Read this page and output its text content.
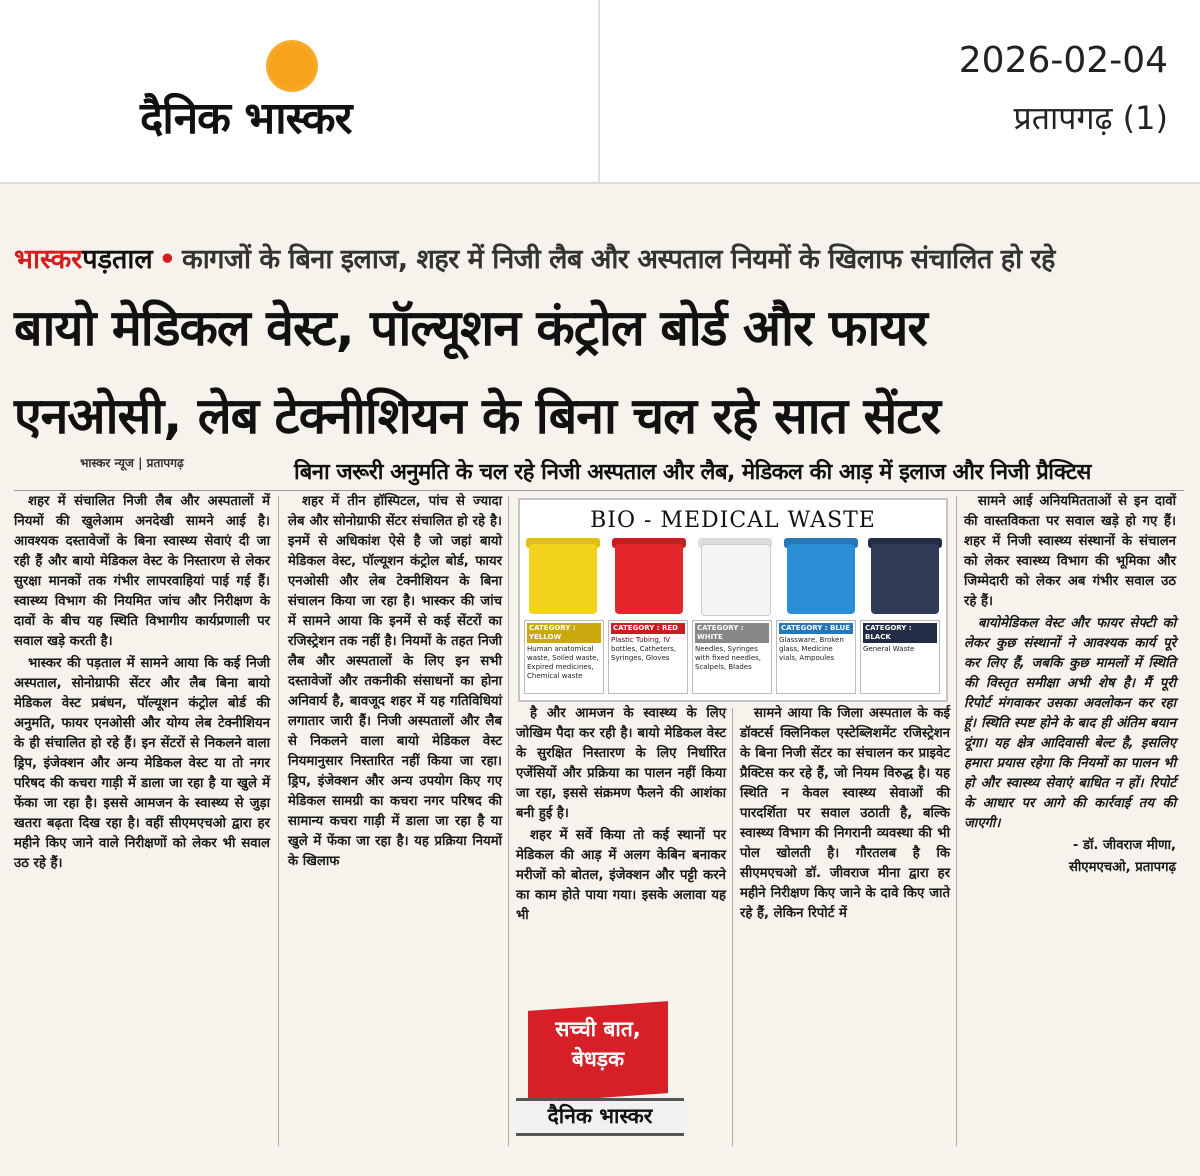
दैनिक भास्कर
2026-02-04
प्रतापगढ़ (1)
भास्करपड़ताल • कागजों के बिना इलाज, शहर में निजी लैब और अस्पताल नियमों के खिलाफ संचालित हो रहे
बायो मेडिकल वेस्ट, पॉल्यूशन कंट्रोल बोर्ड और फायर
एनओसी, लेब टेक्नीशियन के बिना चल रहे सात सेंटर
भास्कर न्यूज | प्रतापगढ़	बिना जरूरी अनुमति के चल रहे निजी अस्पताल और लैब, मेडिकल की आड़ में इलाज और निजी प्रैक्टिस

शहर में संचालित निजी लैब और अस्पतालों में नियमों की खुलेआम अनदेखी सामने आई है। आवश्यक दस्तावेजों के बिना स्वास्थ्य सेवाएं दी जा रही हैं और बायो मेडिकल वेस्ट के निस्तारण से लेकर सुरक्षा मानकों तक गंभीर लापरवाहियां पाई गई हैं। स्वास्थ्य विभाग की नियमित जांच और निरीक्षण के दावों के बीच यह स्थिति विभागीय कार्यप्रणाली पर सवाल खड़े करती है।

भास्कर की पड़ताल में सामने आया कि कई निजी अस्पताल, सोनोग्राफी सेंटर और लैब बिना बायो मेडिकल वेस्ट प्रबंधन, पॉल्यूशन कंट्रोल बोर्ड की अनुमति, फायर एनओसी और योग्य लेब टेक्नीशियन के ही संचालित हो रहे हैं। इन सेंटरों से निकलने वाला ड्रिप, इंजेक्शन और अन्य मेडिकल वेस्ट या तो नगर परिषद की कचरा गाड़ी में डाला जा रहा है या खुले में फेंका जा रहा है। इससे आमजन के स्वास्थ्य से जुड़ा खतरा बढ़ता दिख रहा है। वहीं सीएमएचओ द्वारा हर महीने किए जाने वाले निरीक्षणों को लेकर भी सवाल उठ रहे हैं।

शहर में तीन हॉस्पिटल, पांच से ज्यादा लेब और सोनोग्राफी सेंटर संचालित हो रहे है। इनमें से अधिकांश ऐसे है जो जहां बायो मेडिकल वेस्ट, पॉल्यूशन कंट्रोल बोर्ड, फायर एनओसी और लेब टेक्नीशियन के बिना संचालन किया जा रहा है। भास्कर की जांच में सामने आया कि इनमें से कई सेंटरों का रजिस्ट्रेशन तक नहीं है। नियमों के तहत निजी लैब और अस्पतालों के लिए इन सभी दस्तावेजों और तकनीकी संसाधनों का होना अनिवार्य है, बावजूद शहर में यह गतिविधियां लगातार जारी हैं। निजी अस्पतालों और लैब से निकलने वाला बायो मेडिकल वेस्ट नियमानुसार निस्तारित नहीं किया जा रहा। ड्रिप, इंजेक्शन और अन्य उपयोग किए गए मेडिकल सामग्री का कचरा नगर परिषद की सामान्य कचरा गाड़ी में डाला जा रहा है या खुले में फेंका जा रहा है। यह प्रक्रिया नियमों के खिलाफ

BIO - MEDICAL WASTE
CATEGORY : YELLOW
Human anatomical waste, Soiled waste, Expired medicines, Chemical waste
CATEGORY : RED
Plastic Tubing, IV bottles, Catheters, Syringes, Gloves
CATEGORY : WHITE
Needles, Syringes with fixed needles, Scalpels, Blades
CATEGORY : BLUE
Glassware, Broken glass, Medicine vials, Ampoules
CATEGORY : BLACK
General Waste

है और आमजन के स्वास्थ्य के लिए जोखिम पैदा कर रही है। बायो मेडिकल वेस्ट के सुरक्षित निस्तारण के लिए निर्धारित एजेंसियों और प्रक्रिया का पालन नहीं किया जा रहा, इससे संक्रमण फैलने की आशंका बनी हुई है।

शहर में सर्वे किया तो कई स्थानों पर मेडिकल की आड़ में अलग केबिन बनाकर मरीजों को बोतल, इंजेक्शन और पट्टी करने का काम होते पाया गया। इसके अलावा यह भी

सामने आया कि जिला अस्पताल के कई डॉक्टर्स क्लिनिकल एस्टेब्लिशमेंट रजिस्ट्रेशन के बिना निजी सेंटर का संचालन कर प्राइवेट प्रैक्टिस कर रहे हैं, जो नियम विरुद्ध है। यह स्थिति न केवल स्वास्थ्य सेवाओं की पारदर्शिता पर सवाल उठाती है, बल्कि स्वास्थ्य विभाग की निगरानी व्यवस्था की भी पोल खोलती है। गौरतलब है कि सीएमएचओ डॉ. जीवराज मीना द्वारा हर महीने निरीक्षण किए जाने के दावे किए जाते रहे हैं, लेकिन रिपोर्ट में

सामने आई अनियमितताओं से इन दावों की वास्तविकता पर सवाल खड़े हो गए हैं। शहर में निजी स्वास्थ्य संस्थानों के संचालन को लेकर स्वास्थ्य विभाग की भूमिका और जिम्मेदारी को लेकर अब गंभीर सवाल उठ रहे हैं।

बायोमेडिकल वेस्ट और फायर सेफ्टी को लेकर कुछ संस्थानों ने आवश्यक कार्य पूरे कर लिए हैं, जबकि कुछ मामलों में स्थिति की विस्तृत समीक्षा अभी शेष है। मैं पूरी रिपोर्ट मंगवाकर उसका अवलोकन कर रहा हूं। स्थिति स्पष्ट होने के बाद ही अंतिम बयान दूंगा। यह क्षेत्र आदिवासी बेल्ट है, इसलिए हमारा प्रयास रहेगा कि नियमों का पालन भी हो और स्वास्थ्य सेवाएं बाधित न हों। रिपोर्ट के आधार पर आगे की कार्रवाई तय की जाएगी।

- डॉ. जीवराज मीणा,

सीएमएचओ, प्रतापगढ़

सच्ची बात,
बेधड़क
दैनिक भास्कर
